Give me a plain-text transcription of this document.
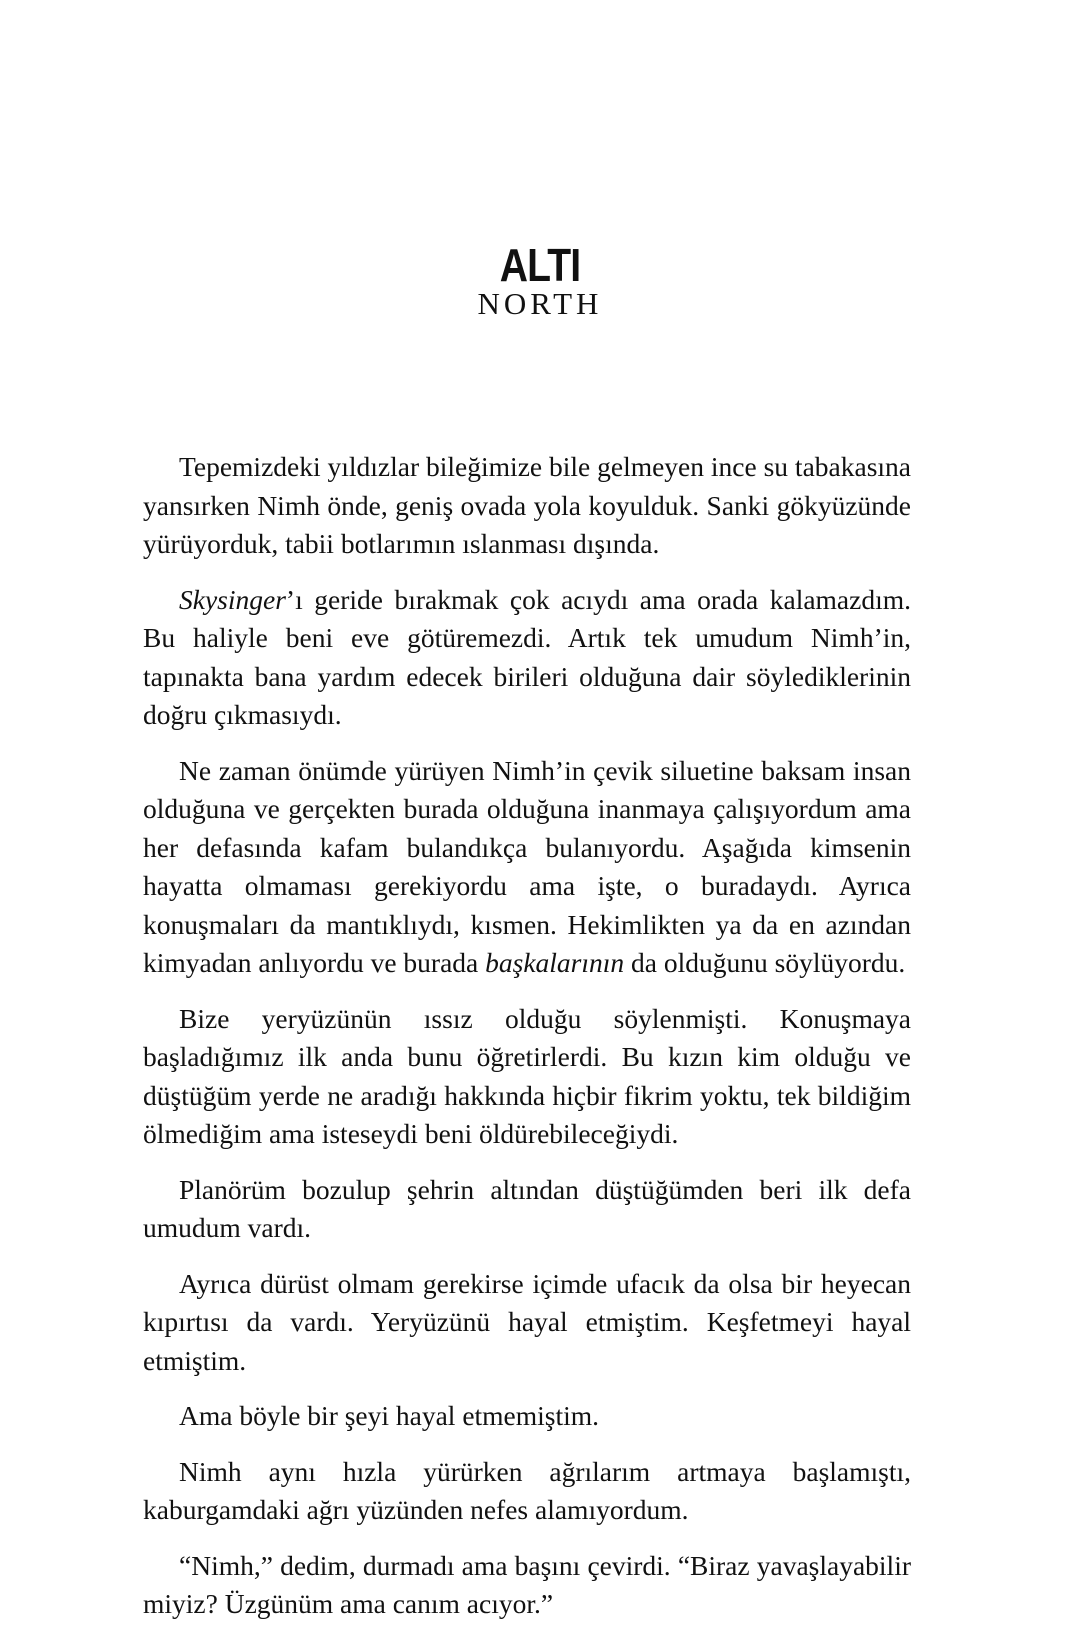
ALTI
NORTH

Tepemizdeki yıldızlar bileğimize bile gelmeyen ince su tabakasına yansırken Nimh önde, geniş ovada yola koyulduk. Sanki gökyüzünde yürüyorduk, tabii botlarımın ıslanması dışında.

Skysinger’ı geride bırakmak çok acıydı ama orada kalamazdım. Bu haliyle beni eve götüremezdi. Artık tek umudum Nimh’in, tapınakta bana yardım edecek birileri olduğuna dair söylediklerinin doğru çıkmasıydı.

Ne zaman önümde yürüyen Nimh’in çevik siluetine baksam insan olduğuna ve gerçekten burada olduğuna inanmaya çalışıyordum ama her defasında kafam bulandıkça bulanıyordu. Aşağıda kimsenin hayatta olmaması gerekiyordu ama işte, o buradaydı. Ayrıca konuşmaları da mantıklıydı, kısmen. Hekimlikten ya da en azından kimyadan anlıyordu ve burada başkalarının da olduğunu söylüyordu.

Bize yeryüzünün ıssız olduğu söylenmişti. Konuşmaya başladığımız ilk anda bunu öğretirlerdi. Bu kızın kim olduğu ve düştüğüm yerde ne aradığı hakkında hiçbir fikrim yoktu, tek bildiğim ölmediğim ama isteseydi beni öldürebileceğiydi.

Planörüm bozulup şehrin altından düştüğümden beri ilk defa umudum vardı.

Ayrıca dürüst olmam gerekirse içimde ufacık da olsa bir heyecan kıpırtısı da vardı. Yeryüzünü hayal etmiştim. Keşfetmeyi hayal etmiştim.

Ama böyle bir şeyi hayal etmemiştim.

Nimh aynı hızla yürürken ağrılarım artmaya başlamıştı, kaburgamdaki ağrı yüzünden nefes alamıyordum.

“Nimh,” dedim, durmadı ama başını çevirdi. “Biraz yavaşlayabilir miyiz? Üzgünüm ama canım acıyor.”
